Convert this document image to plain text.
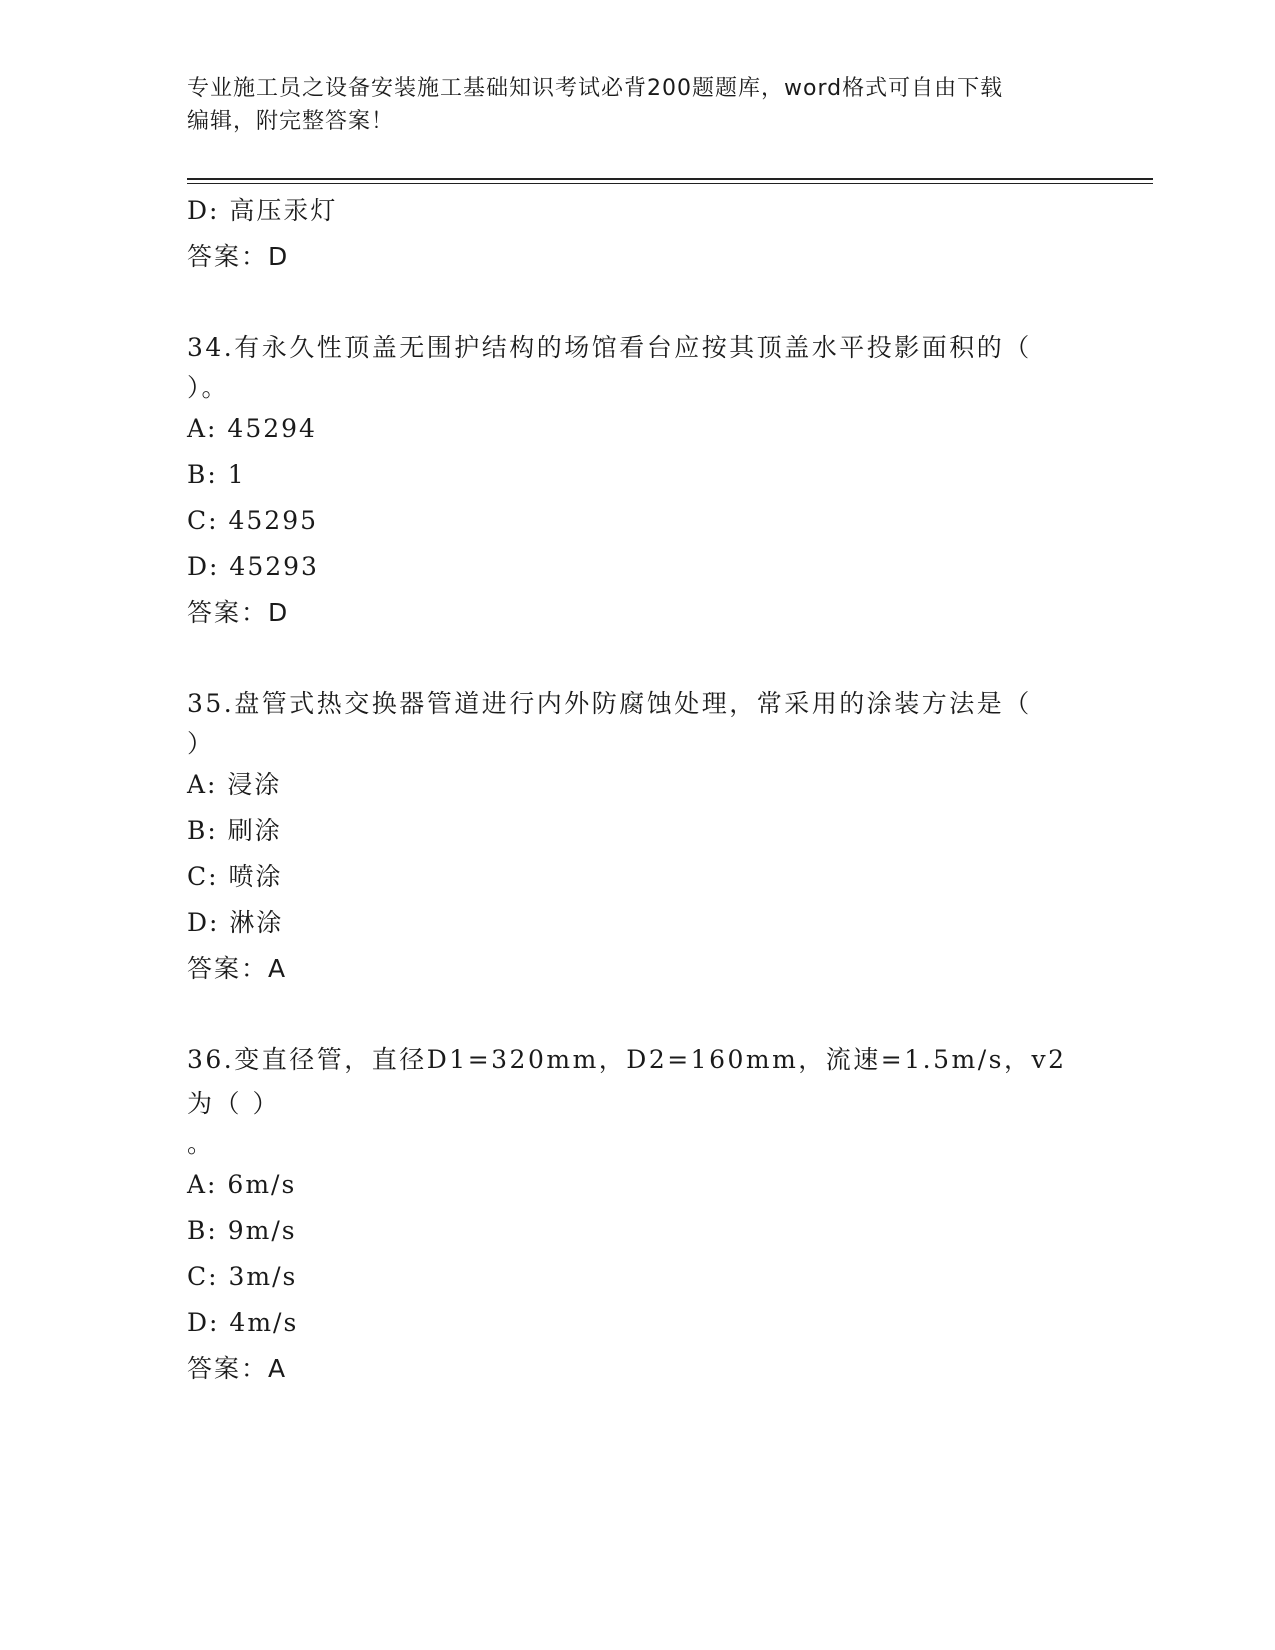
专业施工员之设备安装施工基础知识考试必背200题题库，word格式可自由下载
编辑，附完整答案！
D: 高压汞灯
答案：D
34.有永久性顶盖无围护结构的场馆看台应按其顶盖水平投影面积的（
）。
A: 45294
B: 1
C: 45295
D: 45293
答案：D
35.盘管式热交换器管道进行内外防腐蚀处理，常采用的涂装方法是（
）
A: 浸涂
B: 刷涂
C: 喷涂
D: 淋涂
答案：A
36.变直径管，直径D1=320mm，D2=160mm，流速=1.5m/s，v2为（ ）
。
A: 6m/s
B: 9m/s
C: 3m/s
D: 4m/s
答案：A
